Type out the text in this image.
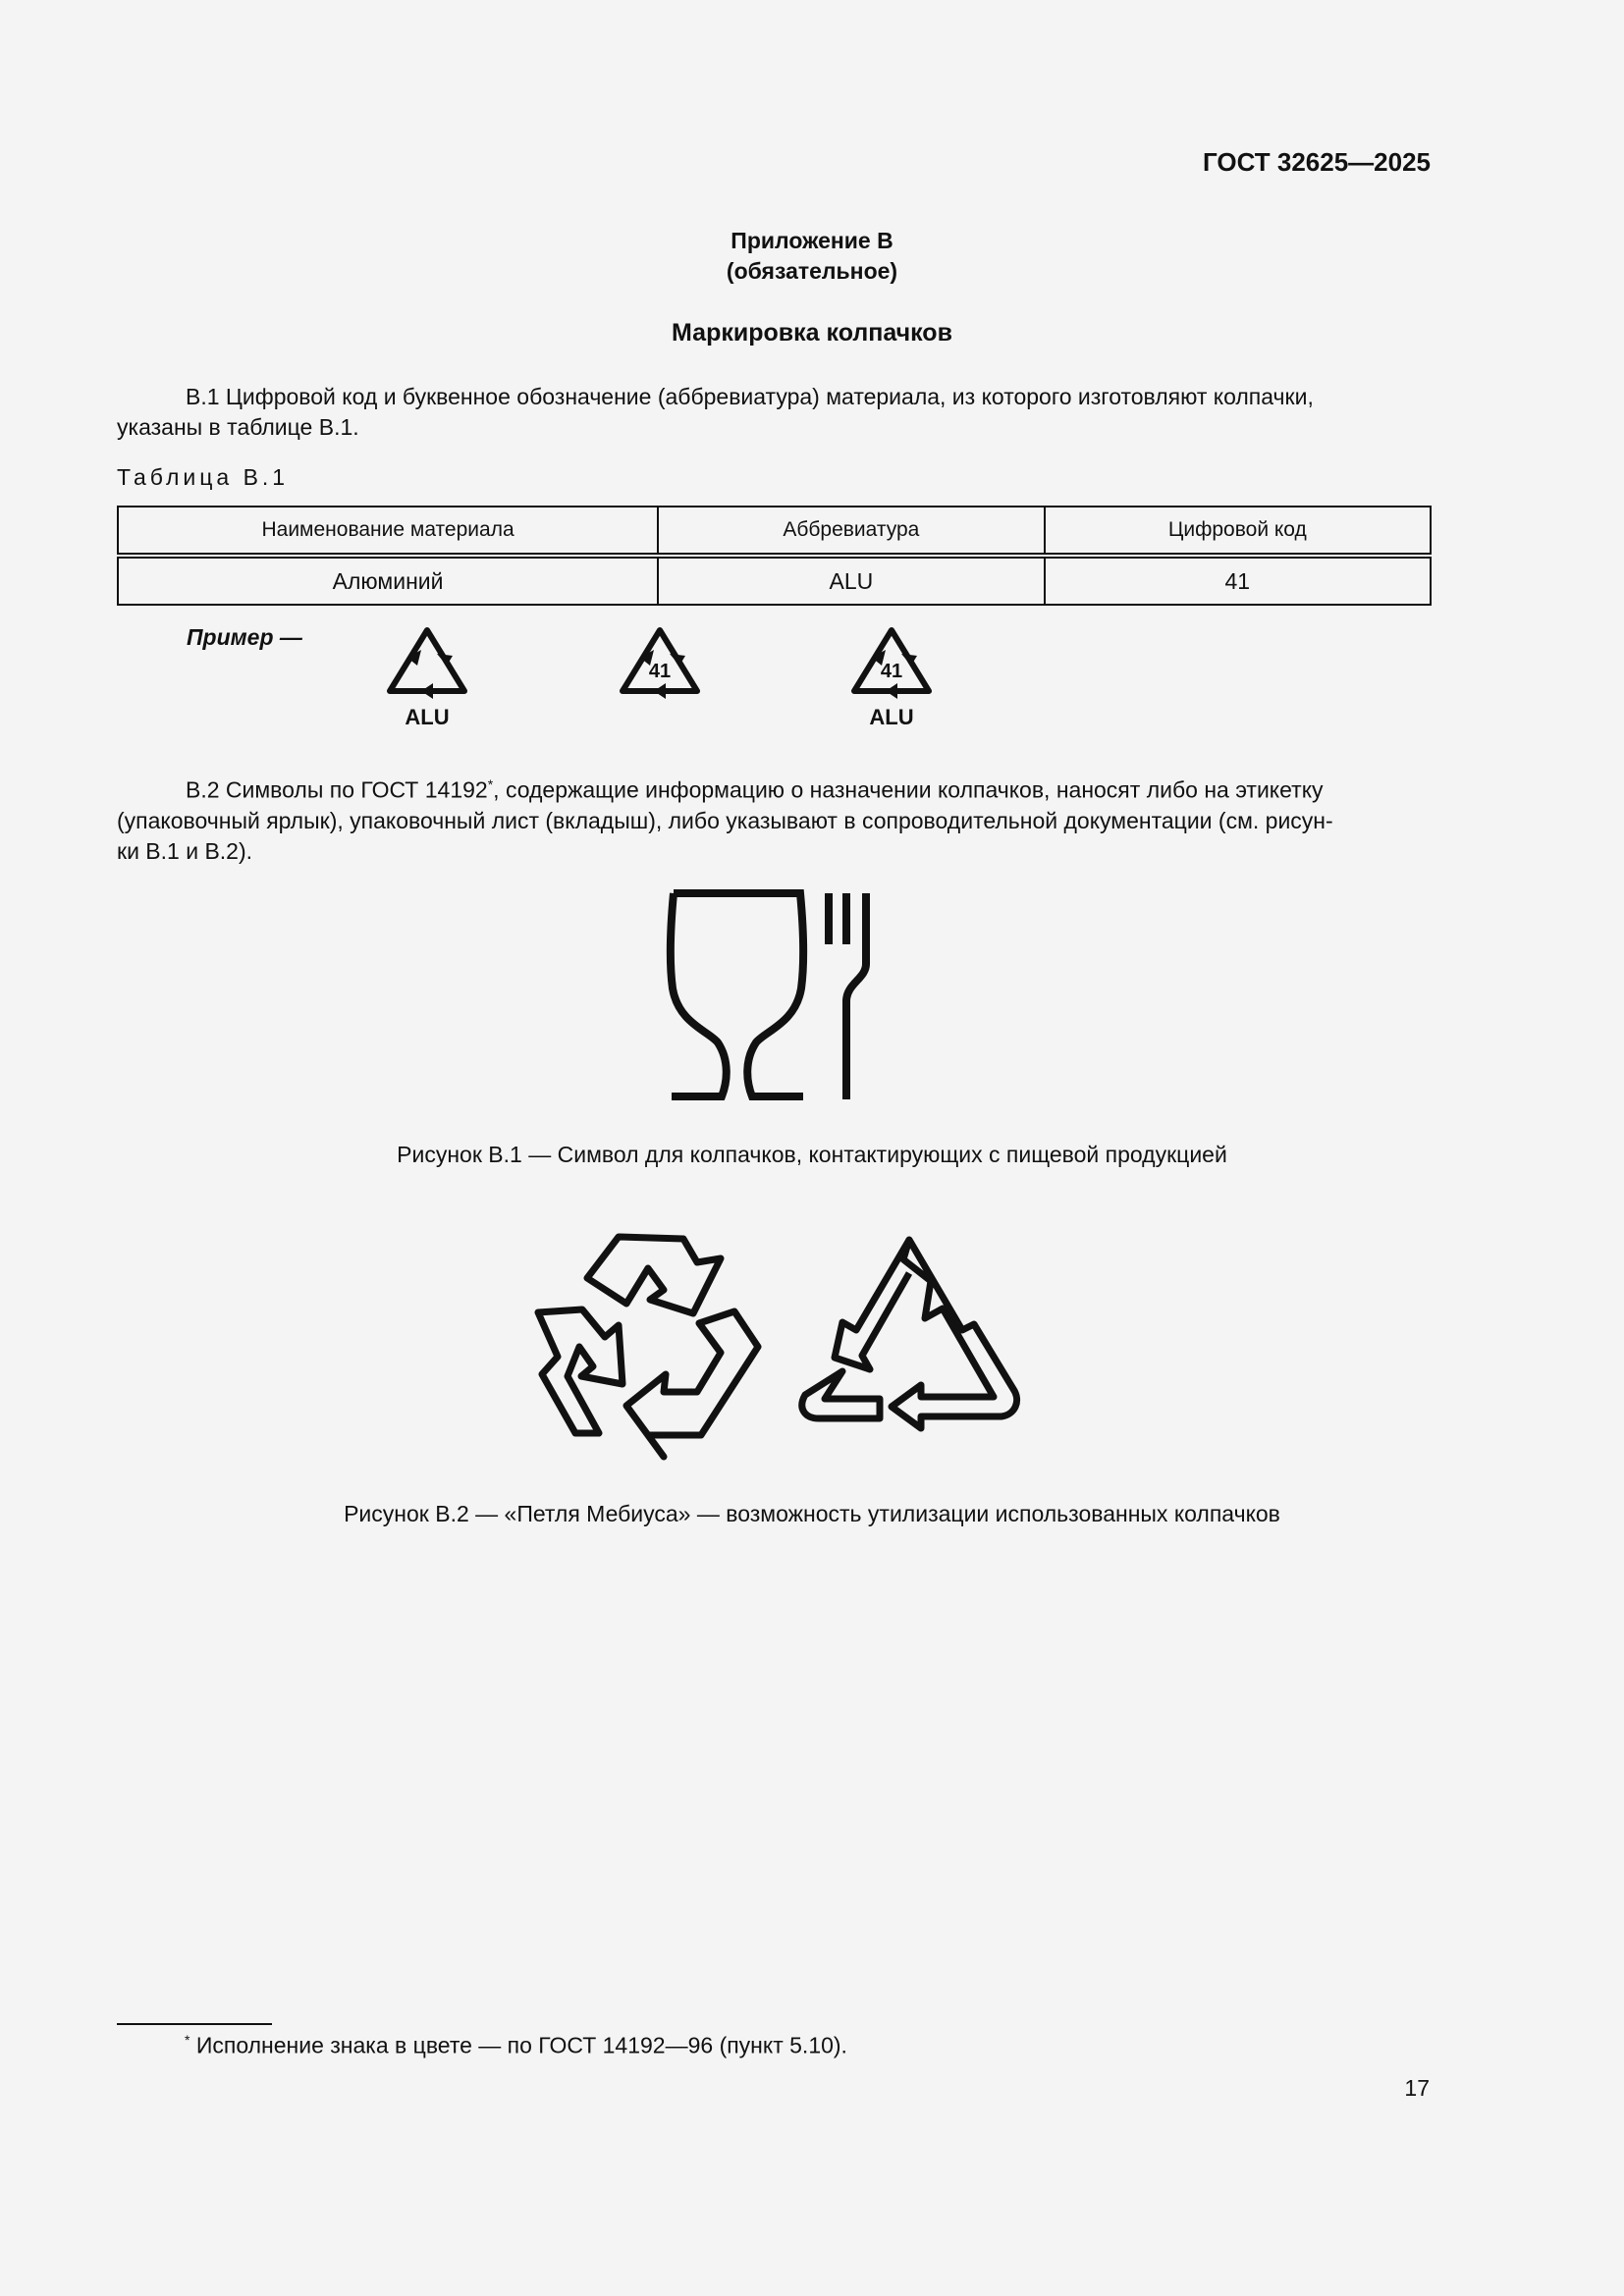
ГОСТ 32625—2025
Приложение В
(обязательное)
Маркировка колпачков
В.1 Цифровой код и буквенное обозначение (аббревиатура) материала, из которого изготовляют колпачки,
указаны в таблице В.1.
Таблица В.1
Наименование материала	Аббревиатура	Цифровой код
Алюминий	ALU	41
Пример —
ALU
41	41
ALU
В.2 Символы по ГОСТ 14192*, содержащие информацию о назначении колпачков, наносят либо на этикетку
(упаковочный ярлык), упаковочный лист (вкладыш), либо указывают в сопроводительной документации (см. рисун-
ки В.1 и В.2).
Рисунок В.1 — Символ для колпачков, контактирующих с пищевой продукцией
Рисунок В.2 — «Петля Мебиуса» — возможность утилизации использованных колпачков
* Исполнение знака в цвете — по ГОСТ 14192—96 (пункт 5.10).
17
